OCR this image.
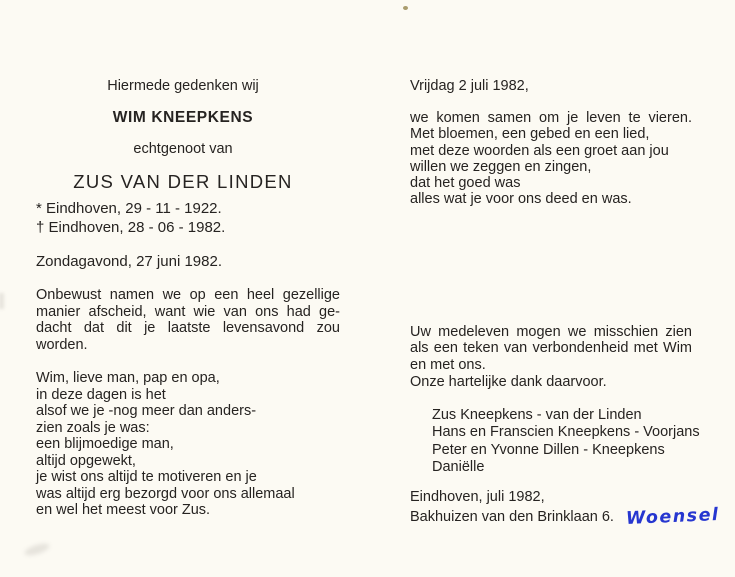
Hiermede gedenken wij
WIM KNEEPKENS
echtgenoot van
ZUS VAN DER LINDEN
* Eindhoven, 29 - 11 - 1922.
† Eindhoven, 28 - 06 - 1982.
Zondagavond, 27 juni 1982.
Onbewust namen we op een heel gezellige
manier afscheid, want wie van ons had ge-
dacht dat dit je laatste levensavond zou
worden.
Wim, lieve man, pap en opa,
in deze dagen is het
alsof we je -nog meer dan anders-
zien zoals je was:
een blijmoedige man,
altijd opgewekt,
je wist ons altijd te motiveren en je
was altijd erg bezorgd voor ons allemaal
en wel het meest voor Zus.
Vrijdag 2 juli 1982,
we komen samen om je leven te vieren.
Met bloemen, een gebed en een lied,
met deze woorden als een groet aan jou
willen we zeggen en zingen,
dat het goed was
alles wat je voor ons deed en was.
Uw medeleven mogen we misschien zien
als een teken van verbondenheid met Wim
en met ons.
Onze hartelijke dank daarvoor.
Zus Kneepkens - van der Linden
Hans en Franscien Kneepkens - Voorjans
Peter en Yvonne Dillen - Kneepkens
Daniëlle
Eindhoven, juli 1982,
Bakhuizen van den Brinklaan 6. Woensel
